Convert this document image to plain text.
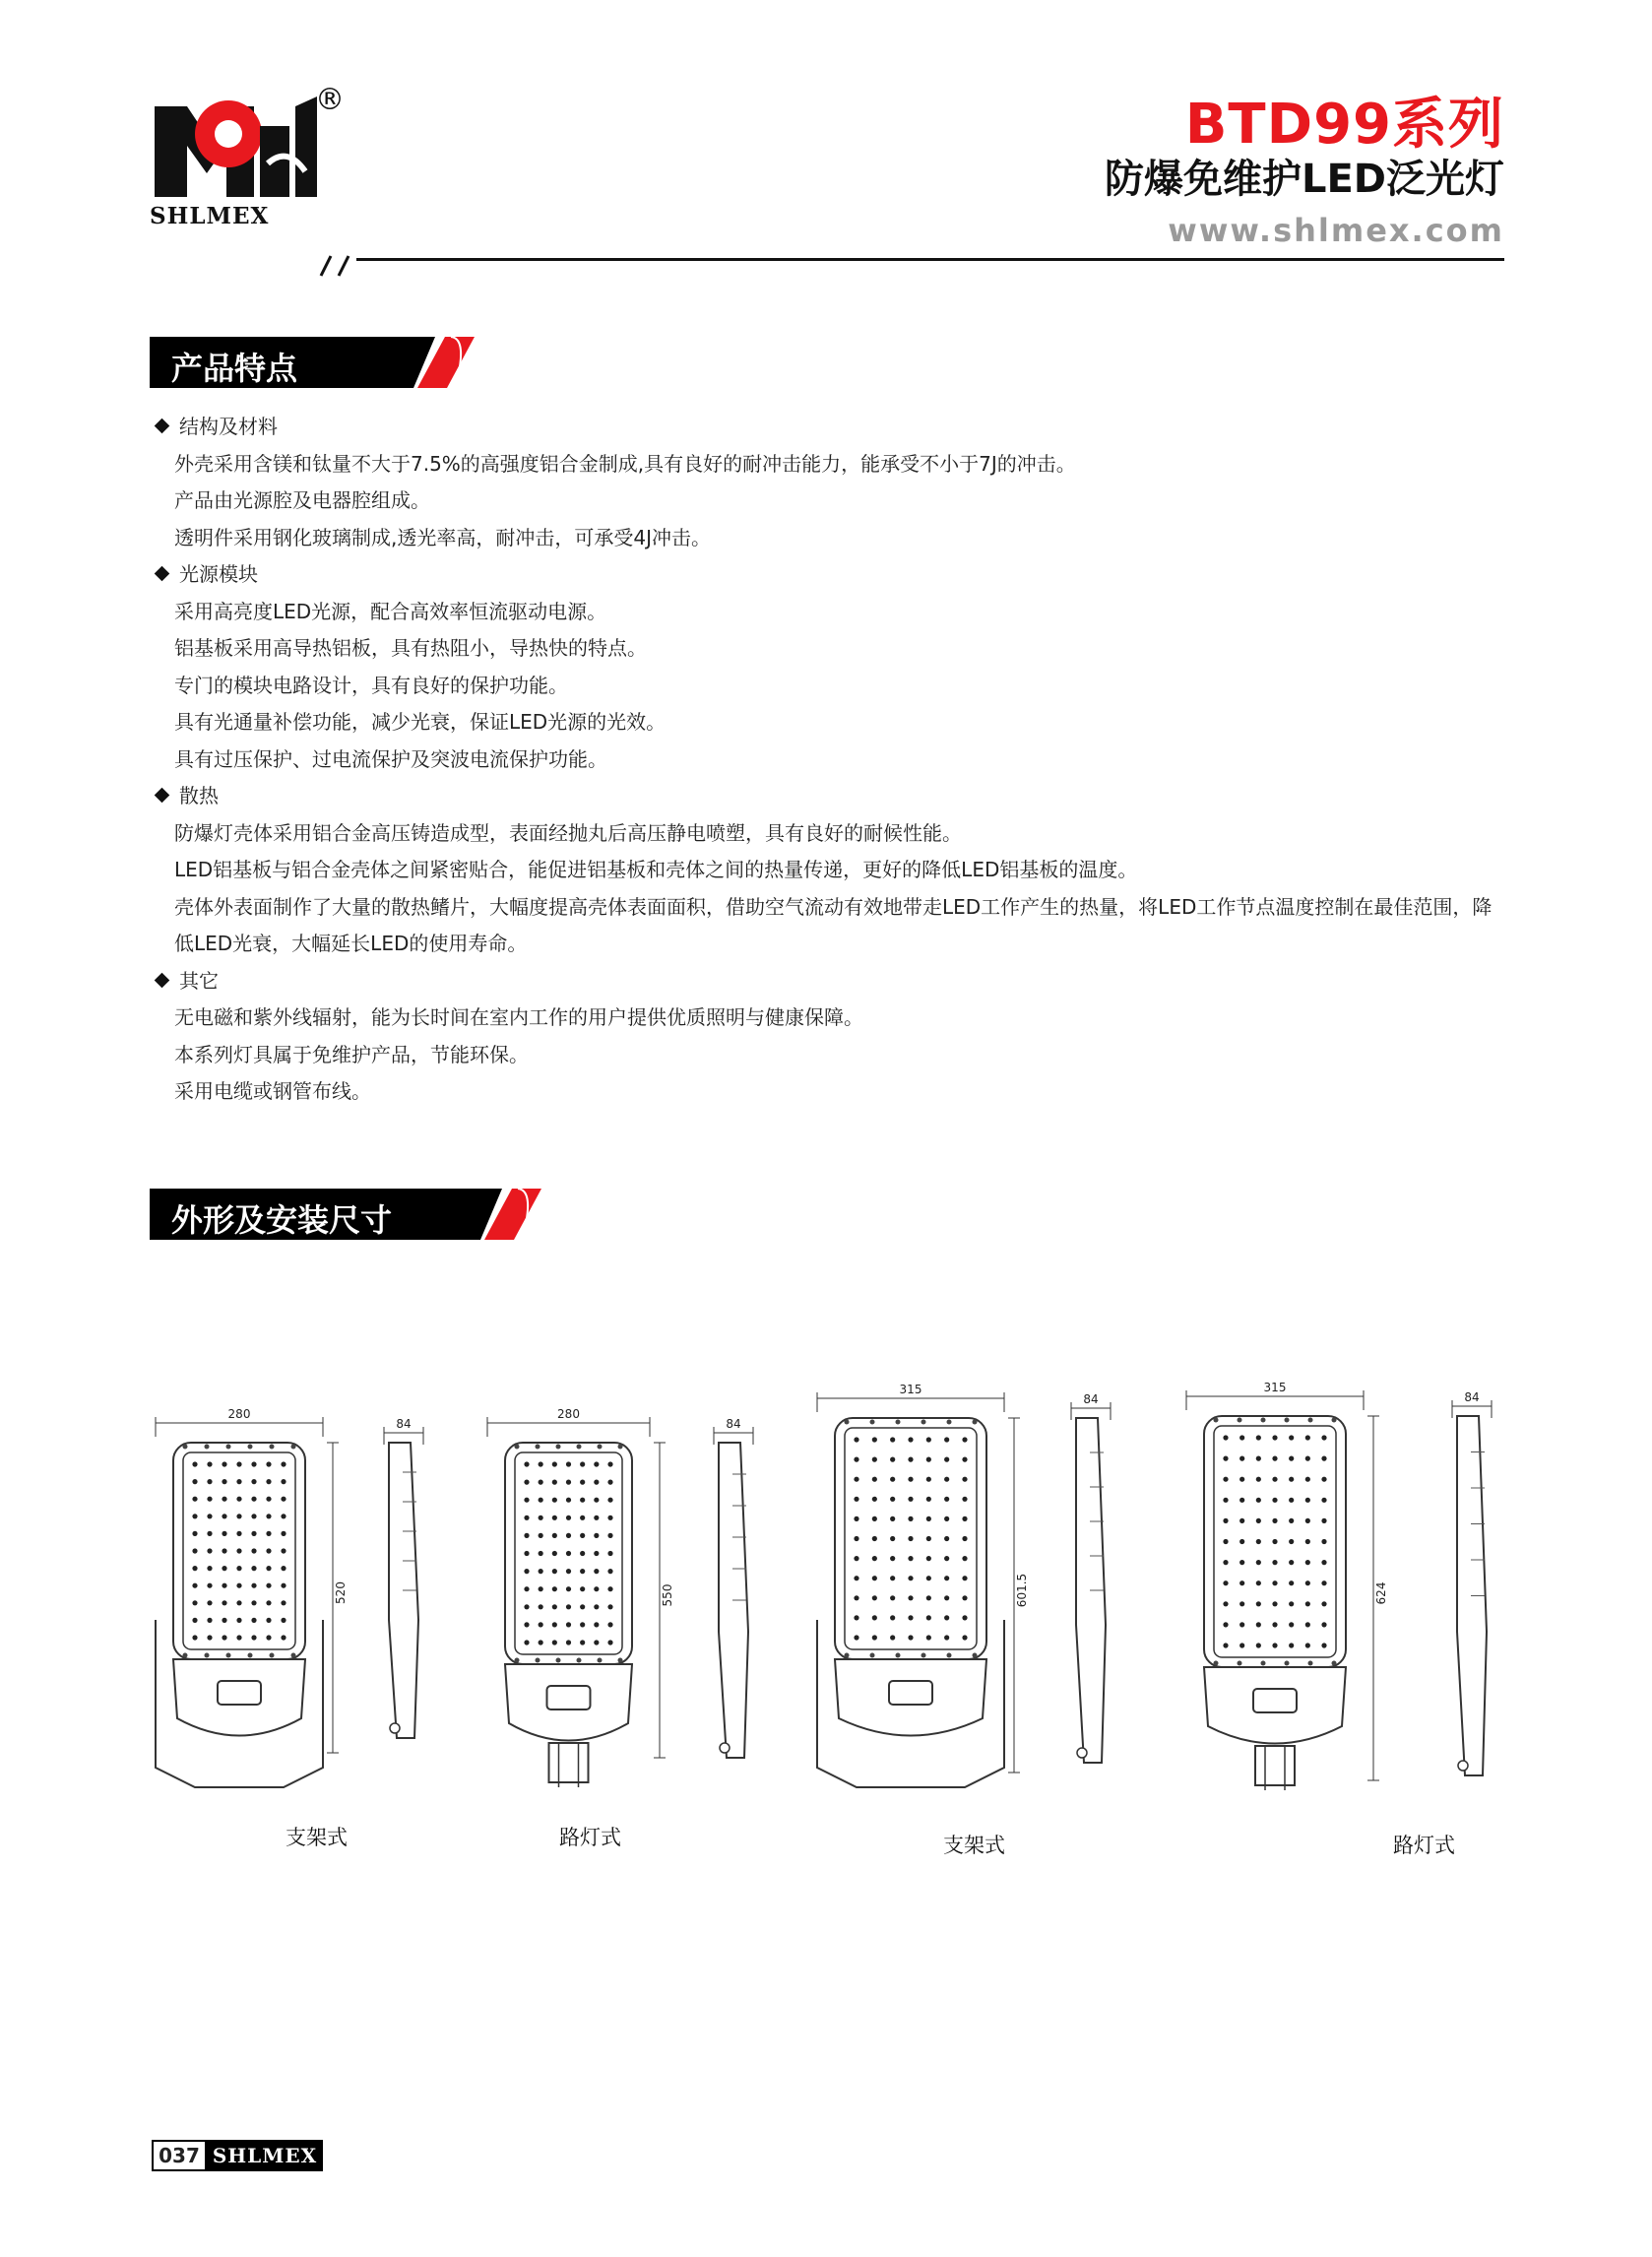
SHLMEX
®	BTD99系列
防爆免维护LED泛光灯
www.shlmex.com
产品特点
结构及材料
外壳采用含镁和钛量不大于7.5%的高强度铝合金制成,具有良好的耐冲击能力，能承受不小于7J的冲击。
产品由光源腔及电器腔组成。
透明件采用钢化玻璃制成,透光率高，耐冲击，可承受4J冲击。
光源模块
采用高亮度LED光源，配合高效率恒流驱动电源。
铝基板采用高导热铝板，具有热阻小，导热快的特点。
专门的模块电路设计，具有良好的保护功能。
具有光通量补偿功能，减少光衰，保证LED光源的光效。
具有过压保护、过电流保护及突波电流保护功能。
散热
防爆灯壳体采用铝合金高压铸造成型，表面经抛丸后高压静电喷塑，具有良好的耐候性能。
LED铝基板与铝合金壳体之间紧密贴合，能促进铝基板和壳体之间的热量传递，更好的降低LED铝基板的温度。
壳体外表面制作了大量的散热鳍片，大幅度提高壳体表面面积，借助空气流动有效地带走LED工作产生的热量，将LED工作节点温度控制在最佳范围，降低LED光衰，大幅延长LED的使用寿命。
其它
无电磁和紫外线辐射，能为长时间在室内工作的用户提供优质照明与健康保障。
本系列灯具属于免维护产品，节能环保。
采用电缆或钢管布线。
外形及安装尺寸
280
520
84
280
550
84
315
601.5
84
315
624
84
支架式	路灯式	支架式	路灯式
037 SHLMEX
